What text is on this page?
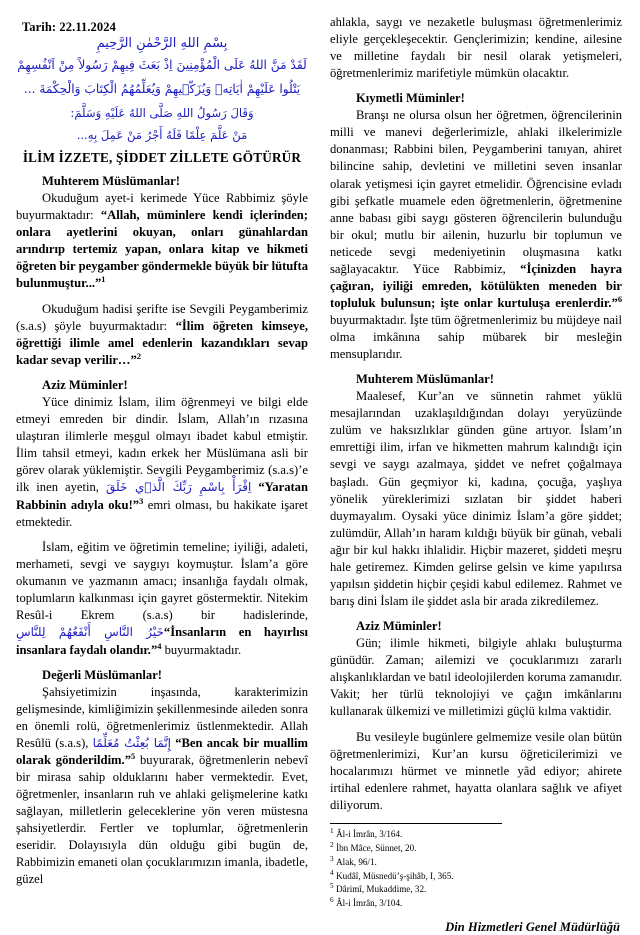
Tarih: 22.11.2024
بِسْمِ اللهِ الرَّحْمٰنِ الرَّحِيمِ
لَقَدْ مَنَّ اللهُ عَلَى الْمُؤْمِنِينَ اِذْ بَعَثَ فِيهِمْ رَسُولاً مِنْ اَنْفُسِهِمْ
يَتْلُوا عَلَيْهِمْ اٰيَاتِهٖ وَيُزَكّٖيهِمْ وَيُعَلِّمُهُمُ الْكِتَابَ وَالْحِكْمَةَ ...
وَقَالَ رَسُولُ اللهِ صَلَّى اللهُ عَلَيْهِ وَسَلَّمَ:
مَنْ عَلَّمَ عِلْمًا فَلَهُ أَجْرُ مَنْ عَمِلَ بِهِ...
İLİM İZZETE, ŞİDDET ZİLLETE GÖTÜRÜR
Muhterem Müslümanlar!

Okuduğum ayet-i kerimede Yüce Rabbimiz şöyle buyurmaktadır: “Allah, müminlere kendi içlerinden; onlara ayetlerini okuyan, onları günahlardan arındırıp tertemiz yapan, onlara kitap ve hikmeti öğreten bir peygamber göndermekle büyük bir lütufta bulunmuştur...”$^1$

Okuduğum hadisi şerifte ise Sevgili Peygamberimiz (s.a.s) şöyle buyurmaktadır: “İlim öğreten kimseye, öğrettiği ilimle amel edenlerin kazandıkları sevap kadar sevap verilir…”$^2$

Aziz Müminler!

Yüce dinimiz İslam, ilim öğrenmeyi ve bilgi elde etmeyi emreden bir dindir. İslam, Allah’ın rızasına ulaştıran ilimlerle meşgul olmayı ibadet kabul etmiştir. İlim tahsil etmeyi, kadın erkek her Müslümana asli bir görev olarak yüklemiştir. Sevgili Peygamberimiz (s.a.s)’e ilk inen ayetin, اِقْرَأْ بِاسْمِ رَبِّكَ الَّذٖي خَلَقَ “Yaratan Rabbinin adıyla oku!”$^3$ emri olması, bu hakikate işaret etmektedir.

İslam, eğitim ve öğretimin temeline; iyiliği, adaleti, merhameti, sevgi ve saygıyı koymuştur. İslam’a göre okumanın ve yazmanın amacı; insanlığa faydalı olmak, toplumların kalkınması için gayret göstermektir. Nitekim Resûl-i Ekrem (s.a.s) bir hadislerinde, خَيْرُ النَّاسِ أَنْفَعُهُمْ لِلنَّاسِ“İnsanların en hayırlısı insanlara faydalı olandır.”$^4$ buyurmaktadır.

Değerli Müslümanlar!

Şahsiyetimizin inşasında, karakterimizin gelişmesinde, kimliğimizin şekillenmesinde aileden sonra en önemli rolü, öğretmenlerimiz üstlenmektedir. Allah Resûlü (s.a.s), إِنَّمَا بُعِثْتُ مُعَلِّمًا “Ben ancak bir muallim olarak gönderildim.”$^5$ buyurarak, öğretmenlerin nebevî bir mirasa sahip olduklarını haber vermektedir. Evet, öğretmenler, insanların ruh ve ahlaki gelişmelerine katkı sağlayan, milletlerin geleceklerine yön veren müstesna şahsiyetlerdir. Fertler ve toplumlar, öğretmenlerin eseridir. Dolayısıyla dün olduğu gibi bugün de, Rabbimizin emaneti olan çocuklarımızın imanla, ibadetle, güzel

ahlakla, saygı ve nezaketle buluşması öğretmenlerimiz eliyle gerçekleşecektir. Gençlerimizin; kendine, ailesine ve milletine faydalı bir nesil olarak yetişmeleri, öğretmenlerimiz marifetiyle mümkün olacaktır.

Kıymetli Müminler!

Branşı ne olursa olsun her öğretmen, öğrencilerinin milli ve manevi değerlerimizle, ahlaki ilkelerimizle donanması; Rabbini bilen, Peygamberini tanıyan, ahiret bilincine sahip, devletini ve milletini seven insanlar olarak yetişmesi için gayret etmelidir. Öğrencisine evladı gibi şefkatle muamele eden öğretmenlerin, öğretmenine anne babası gibi saygı gösteren öğrencilerin bulunduğu bir okul; mutlu bir ailenin, huzurlu bir toplumun ve neticede sevgi medeniyetinin oluşmasına katkı sağlayacaktır. Yüce Rabbimiz, “İçinizden hayra çağıran, iyiliği emreden, kötülükten meneden bir topluluk bulunsun; işte onlar kurtuluşa erenlerdir.”$^6$ buyurmaktadır. İşte tüm öğretmenlerimiz bu müjdeye nail olma imkânına sahip mübarek bir mesleğin mensuplarıdır.

Muhterem Müslümanlar!

Maalesef, Kur’an ve sünnetin rahmet yüklü mesajlarından uzaklaşıldığından dolayı yeryüzünde zulüm ve haksızlıklar günden güne artıyor. İslam’ın emrettiği ilim, irfan ve hikmetten mahrum kalındığı için sevgi ve saygı azalmaya, şiddet ve nefret çoğalmaya başladı. Gün geçmiyor ki, kadına, çocuğa, yaşlıya yönelik yüreklerimizi sızlatan bir şiddet haberi duymayalım. Oysaki yüce dinimiz İslam’a göre şiddet; zulümdür, Allah’ın haram kıldığı büyük bir günah, vebali ağır bir kul hakkı ihlalidir. Hiçbir mazeret, şiddeti meşru hale getiremez. Kimden gelirse gelsin ve kime yapılırsa yapılsın şiddetin hiçbir çeşidi kabul edilemez. Rahmet ve barış dini İslam ile şiddet asla bir arada zikredilemez.

Aziz Müminler!

Gün; ilimle hikmeti, bilgiyle ahlakı buluşturma günüdür. Zaman; ailemizi ve çocuklarımızı zararlı alışkanlıklardan ve batıl ideolojilerden koruma zamanıdır. Vakit; her türlü teknolojiyi ve çağın imkânlarını kullanarak ülkemizi ve milletimizi güçlü kılma vaktidir.

Bu vesileyle bugünlere gelmemize vesile olan bütün öğretmenlerimizi, Kur’an kursu öğreticilerimizi ve hocalarımızı hürmet ve minnetle yâd ediyor; ahirete irtihal edenlere rahmet, hayatta olanlara sağlık ve afiyet diliyorum.

$^1$ Âl-i İmrân, 3/164.
$^2$ İbn Mâce, Sünnet, 20.
$^3$ Alak, 96/1.
$^4$ Kudâî, Müsnedü’ş-şihâb, I, 365.
$^5$ Dârimî, Mukaddime, 32.
$^6$ Âl-i İmrân, 3/104.
Din Hizmetleri Genel Müdürlüğü
